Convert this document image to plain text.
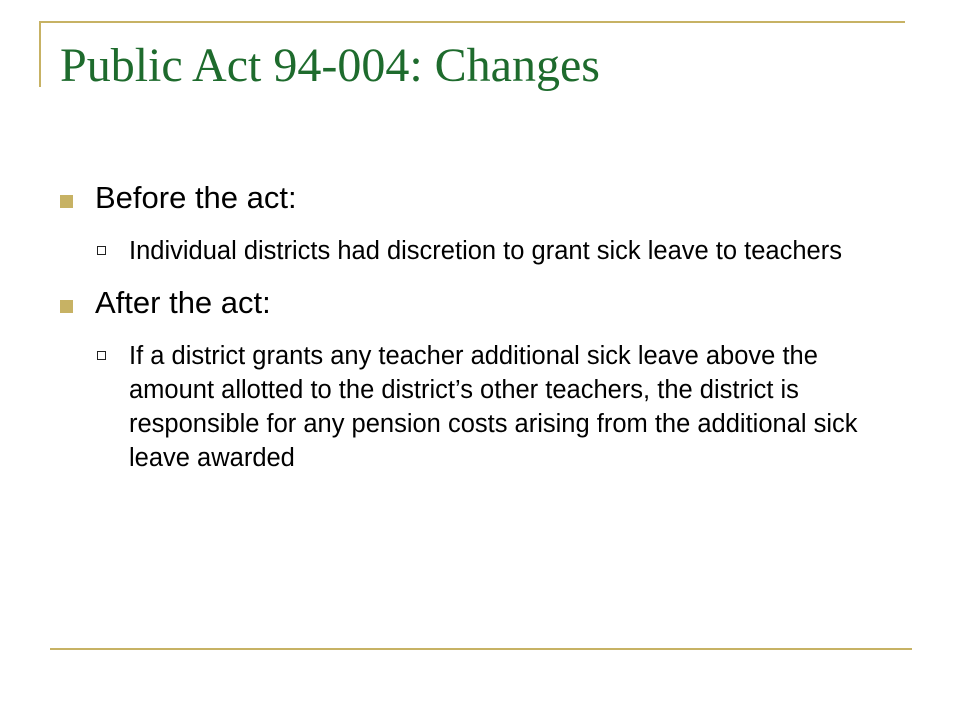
Public Act 94-004: Changes
Before the act:
Individual districts had discretion to grant sick leave to teachers
After the act:
If a district grants any teacher additional sick leave above the amount allotted to the district’s other teachers, the district is responsible for any pension costs arising from the additional sick leave awarded
